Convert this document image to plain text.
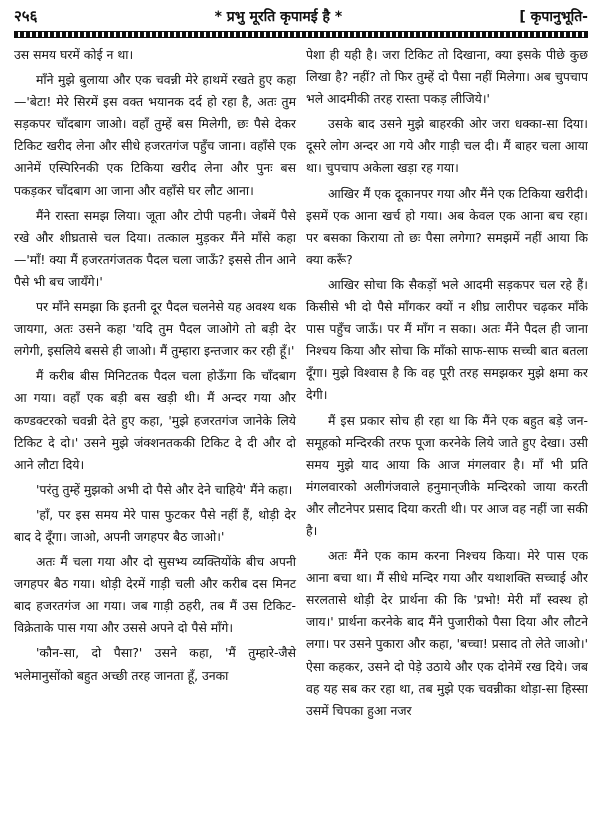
२५६	* प्रभु मूरति कृपामई है *	[ कृपानुभूति-

उस समय घरमें कोई न था।

माँने मुझे बुलाया और एक चवन्नी मेरे हाथमें रखते हुए कहा—'बेटा! मेरे सिरमें इस वक्त भयानक दर्द हो रहा है, अतः तुम सड़कपर चाँदबाग जाओ। वहाँ तुम्हें बस मिलेगी, छः पैसे देकर टिकिट खरीद लेना और सीधे हजरतगंज पहुँच जाना। वहाँसे एक आनेमें एस्पिरिनकी एक टिकिया खरीद लेना और पुनः बस पकड़कर चाँदबाग आ जाना और वहाँसे घर लौट आना।

मैंने रास्ता समझ लिया। जूता और टोपी पहनी। जेबमें पैसे रखे और शीघ्रतासे चल दिया। तत्काल मुड़कर मैंने माँसे कहा—'माँ! क्या मैं हजरतगंजतक पैदल चला जाऊँ? इससे तीन आने पैसे भी बच जायँगे।'

पर माँने समझा कि इतनी दूर पैदल चलनेसे यह अवश्य थक जायगा, अतः उसने कहा 'यदि तुम पैदल जाओगे तो बड़ी देर लगेगी, इसलिये बससे ही जाओ। मैं तुम्हारा इन्तजार कर रही हूँ।'

मैं करीब बीस मिनिटतक पैदल चला होऊँगा कि चाँदबाग आ गया। वहाँ एक बड़ी बस खड़ी थी। मैं अन्दर गया और कण्डक्टरको चवन्नी देते हुए कहा, 'मुझे हजरतगंज जानेके लिये टिकिट दे दो।' उसने मुझे जंक्शनतककी टिकिट दे दी और दो आने लौटा दिये।

'परंतु तुम्हें मुझको अभी दो पैसे और देने चाहिये' मैंने कहा।

'हाँ, पर इस समय मेरे पास फुटकर पैसे नहीं हैं, थोड़ी देर बाद दे दूँगा। जाओ, अपनी जगहपर बैठ जाओ।'

अतः मैं चला गया और दो सुसभ्य व्यक्तियोंके बीच अपनी जगहपर बैठ गया। थोड़ी देरमें गाड़ी चली और करीब दस मिनट बाद हजरतगंज आ गया। जब गाड़ी ठहरी, तब मैं उस टिकिट-विक्रेताके पास गया और उससे अपने दो पैसे माँगे।

'कौन-सा, दो पैसा?' उसने कहा, 'मैं तुम्हारे-जैसे भलेमानुसोंको बहुत अच्छी तरह जानता हूँ, उनका

पेशा ही यही है। जरा टिकिट तो दिखाना, क्या इसके पीछे कुछ लिखा है? नहीं? तो फिर तुम्हें दो पैसा नहीं मिलेगा। अब चुपचाप भले आदमीकी तरह रास्ता पकड़ लीजिये।'

उसके बाद उसने मुझे बाहरकी ओर जरा धक्का-सा दिया। दूसरे लोग अन्दर आ गये और गाड़ी चल दी। मैं बाहर चला आया था। चुपचाप अकेला खड़ा रह गया।

आखिर मैं एक दूकानपर गया और मैंने एक टिकिया खरीदी। इसमें एक आना खर्च हो गया। अब केवल एक आना बच रहा। पर बसका किराया तो छः पैसा लगेगा? समझमें नहीं आया कि क्या करूँ?

आखिर सोचा कि सैकड़ों भले आदमी सड़कपर चल रहे हैं। किसीसे भी दो पैसे माँगकर क्यों न शीघ्र लारीपर चढ़कर माँके पास पहुँच जाऊँ। पर मैं माँग न सका। अतः मैंने पैदल ही जाना निश्चय किया और सोचा कि माँको साफ-साफ सच्ची बात बतला दूँगा। मुझे विश्वास है कि वह पूरी तरह समझकर मुझे क्षमा कर देगी।

मैं इस प्रकार सोच ही रहा था कि मैंने एक बहुत बड़े जन-समूहको मन्दिरकी तरफ पूजा करनेके लिये जाते हुए देखा। उसी समय मुझे याद आया कि आज मंगलवार है। माँ भी प्रति मंगलवारको अलीगंजवाले हनुमान्‌जीके मन्दिरको जाया करती और लौटनेपर प्रसाद दिया करती थी। पर आज वह नहीं जा सकी है।

अतः मैंने एक काम करना निश्चय किया। मेरे पास एक आना बचा था। मैं सीधे मन्दिर गया और यथाशक्ति सच्चाई और सरलतासे थोड़ी देर प्रार्थना की कि 'प्रभो! मेरी माँ स्वस्थ हो जाय।' प्रार्थना करनेके बाद मैंने पुजारीको पैसा दिया और लौटने लगा। पर उसने पुकारा और कहा, 'बच्चा! प्रसाद तो लेते जाओ।' ऐसा कहकर, उसने दो पेड़े उठाये और एक दोनेमें रख दिये। जब वह यह सब कर रहा था, तब मुझे एक चवन्नीका थोड़ा-सा हिस्सा उसमें चिपका हुआ नजर
